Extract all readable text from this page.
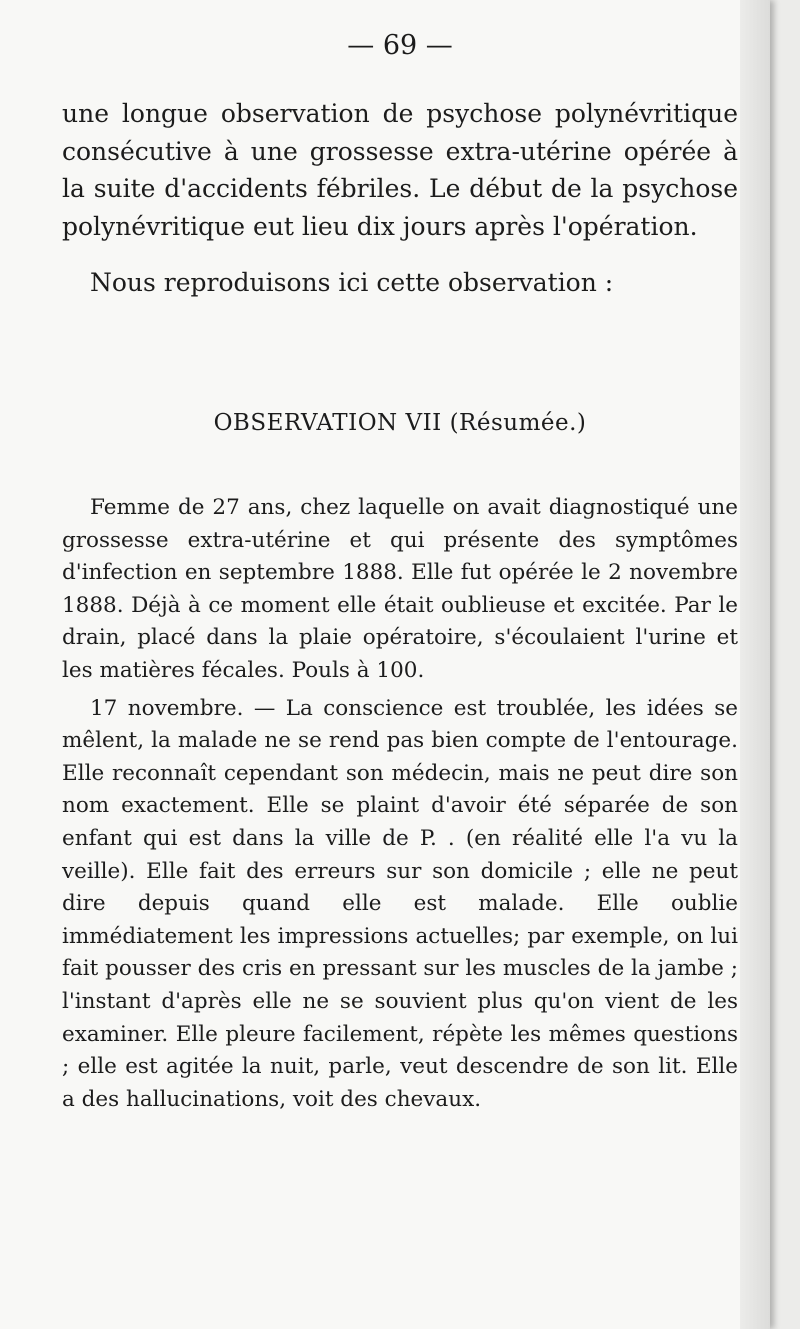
— 69 —
une longue observation de psychose polynévritique consécutive à une grossesse extra-utérine opérée à la suite d'accidents fébriles. Le début de la psychose polynévritique eut lieu dix jours après l'opération.
Nous reproduisons ici cette observation :
OBSERVATION VII (Résumée.)

Femme de 27 ans, chez laquelle on avait diagnostiqué une grossesse extra-utérine et qui présente des symptômes d'infection en septembre 1888. Elle fut opérée le 2 novembre 1888. Déjà à ce moment elle était oublieuse et excitée. Par le drain, placé dans la plaie opératoire, s'écoulaient l'urine et les matières fécales. Pouls à 100.

17 novembre. — La conscience est troublée, les idées se mêlent, la malade ne se rend pas bien compte de l'entourage. Elle reconnaît cependant son médecin, mais ne peut dire son nom exactement. Elle se plaint d'avoir été séparée de son enfant qui est dans la ville de P. . (en réalité elle l'a vu la veille). Elle fait des erreurs sur son domicile ; elle ne peut dire depuis quand elle est malade. Elle oublie immédiatement les impressions actuelles; par exemple, on lui fait pousser des cris en pressant sur les muscles de la jambe ; l'instant d'après elle ne se souvient plus qu'on vient de les examiner. Elle pleure facilement, répète les mêmes questions ; elle est agitée la nuit, parle, veut descendre de son lit. Elle a des hallucinations, voit des chevaux.
